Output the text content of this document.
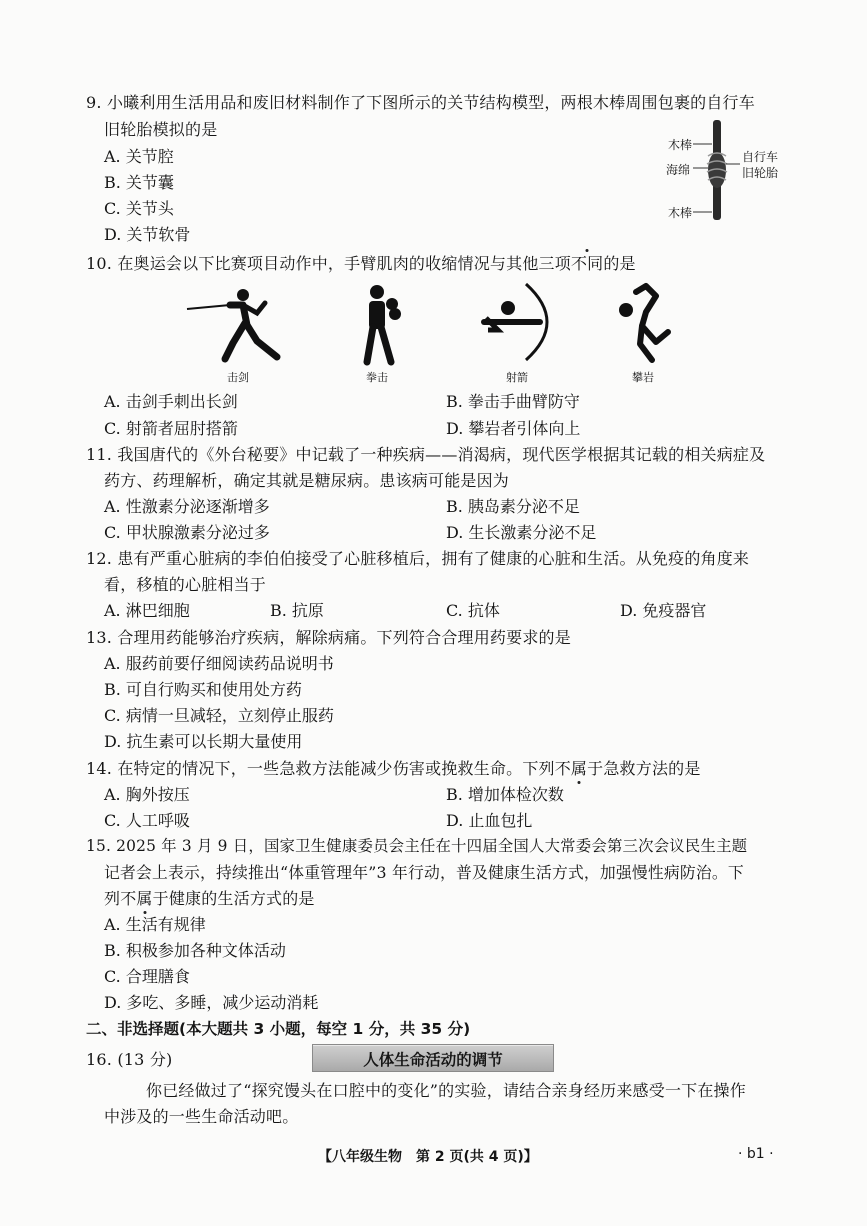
9. 小曦利用生活用品和废旧材料制作了下图所示的关节结构模型，两根木棒周围包裹的自行车
旧轮胎模拟的是
A. 关节腔
B. 关节囊
C. 关节头
D. 关节软骨
木棒
海绵
木棒
自行车
旧轮胎
10. 在奥运会以下比赛项目动作中，手臂肌肉的收缩情况与其他三项不同的是
击剑	拳击	射箭	攀岩
A. 击剑手刺出长剑	B. 拳击手曲臂防守
C. 射箭者屈肘搭箭	D. 攀岩者引体向上
11. 我国唐代的《外台秘要》中记载了一种疾病——消渴病，现代医学根据其记载的相关病症及
药方、药理解析，确定其就是糖尿病。患该病可能是因为
A. 性激素分泌逐渐增多	B. 胰岛素分泌不足
C. 甲状腺激素分泌过多	D. 生长激素分泌不足
12. 患有严重心脏病的李伯伯接受了心脏移植后，拥有了健康的心脏和生活。从免疫的角度来
看，移植的心脏相当于
A. 淋巴细胞	B. 抗原	C. 抗体	D. 免疫器官
13. 合理用药能够治疗疾病，解除病痛。下列符合合理用药要求的是
A. 服药前要仔细阅读药品说明书
B. 可自行购买和使用处方药
C. 病情一旦减轻，立刻停止服药
D. 抗生素可以长期大量使用
14. 在特定的情况下，一些急救方法能减少伤害或挽救生命。下列不属于急救方法的是
A. 胸外按压	B. 增加体检次数
C. 人工呼吸	D. 止血包扎
15. 2025 年 3 月 9 日，国家卫生健康委员会主任在十四届全国人大常委会第三次会议民生主题
记者会上表示，持续推出“体重管理年”3 年行动，普及健康生活方式，加强慢性病防治。下
列不属于健康的生活方式的是
A. 生活有规律
B. 积极参加各种文体活动
C. 合理膳食
D. 多吃、多睡，减少运动消耗
二、非选择题(本大题共 3 小题，每空 1 分，共 35 分)
16. (13 分)	人体生命活动的调节
你已经做过了“探究馒头在口腔中的变化”的实验，请结合亲身经历来感受一下在操作
中涉及的一些生命活动吧。
【八年级生物　第 2 页(共 4 页)】	· b1 ·
